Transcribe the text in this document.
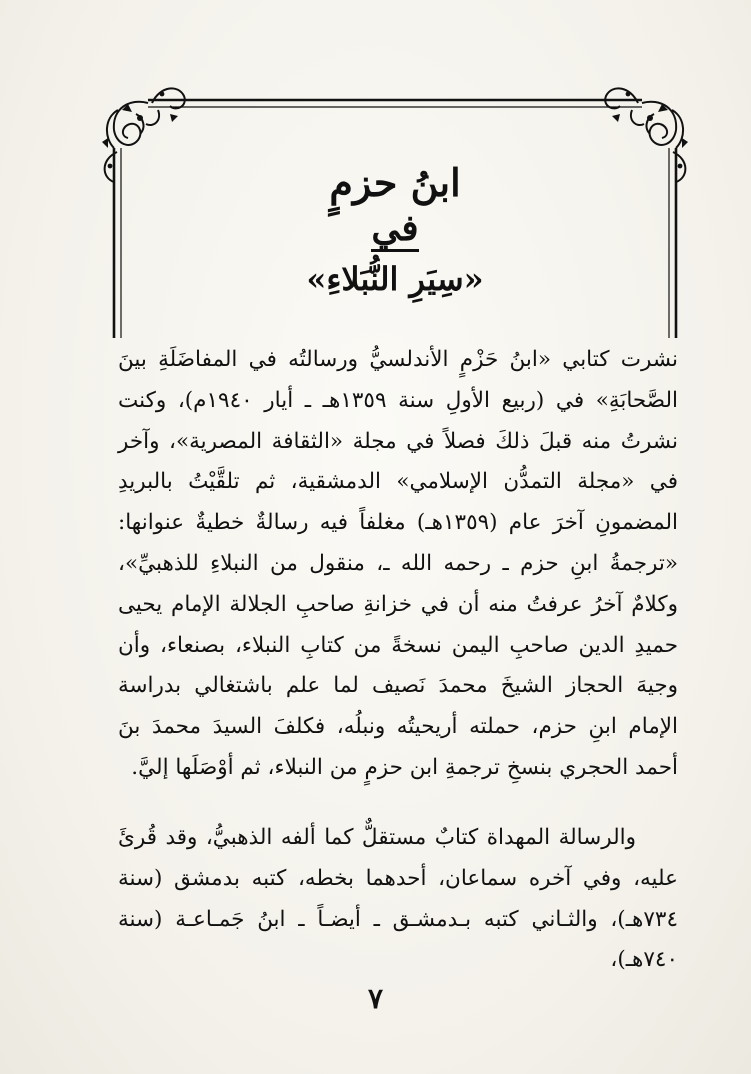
ابنُ حزمٍ
في
«سِيَرِ النُّبَلاءِ»

نشرت كتابي «ابنُ حَزْمٍ الأندلسيُّ ورسالتُه في المفاضَلَةِ بينَ الصَّحابَةِ» في (ربيع الأولِ سنة ١٣٥٩هـ ـ أيار ١٩٤٠م)، وكنت نشرتُ منه قبلَ ذلكَ فصلاً في مجلة «الثقافة المصرية»، وآخر في «مجلة التمدُّن الإسلامي» الدمشقية، ثم تلقَّيْتُ بالبريدِ المضمونِ آخرَ عام (١٣٥٩هـ) مغلفاً فيه رسالةٌ خطيةٌ عنوانها: «ترجمةُ ابنِ حزم ـ رحمه الله ـ، منقول من النبلاءِ للذهبيِّ»، وكلامٌ آخرُ عرفتُ منه أن في خزانةِ صاحبِ الجلالة الإمام يحيى حميدِ الدين صاحبِ اليمن نسخةً من كتابِ النبلاء، بصنعاء، وأن وجيهَ الحجاز الشيخَ محمدَ نَصيف لما علم باشتغالي بدراسة الإمام ابنِ حزم، حملته أريحيتُه ونبلُه، فكلفَ السيدَ محمدَ بنَ أحمد الحجري بنسخِ ترجمةِ ابن حزمٍ من النبلاء، ثم أوْصَلَها إليَّ.

والرسالة المهداة كتابٌ مستقلٌّ كما ألفه الذهبيُّ، وقد قُرئَ عليه، وفي آخره سماعان، أحدهما بخطه، كتبه بدمشق (سنة ٧٣٤هـ)، والثـاني كتبه بـدمشـق ـ أيضـاً ـ ابنُ جَمـاعـة (سنة ٧٤٠هـ)،

٧
